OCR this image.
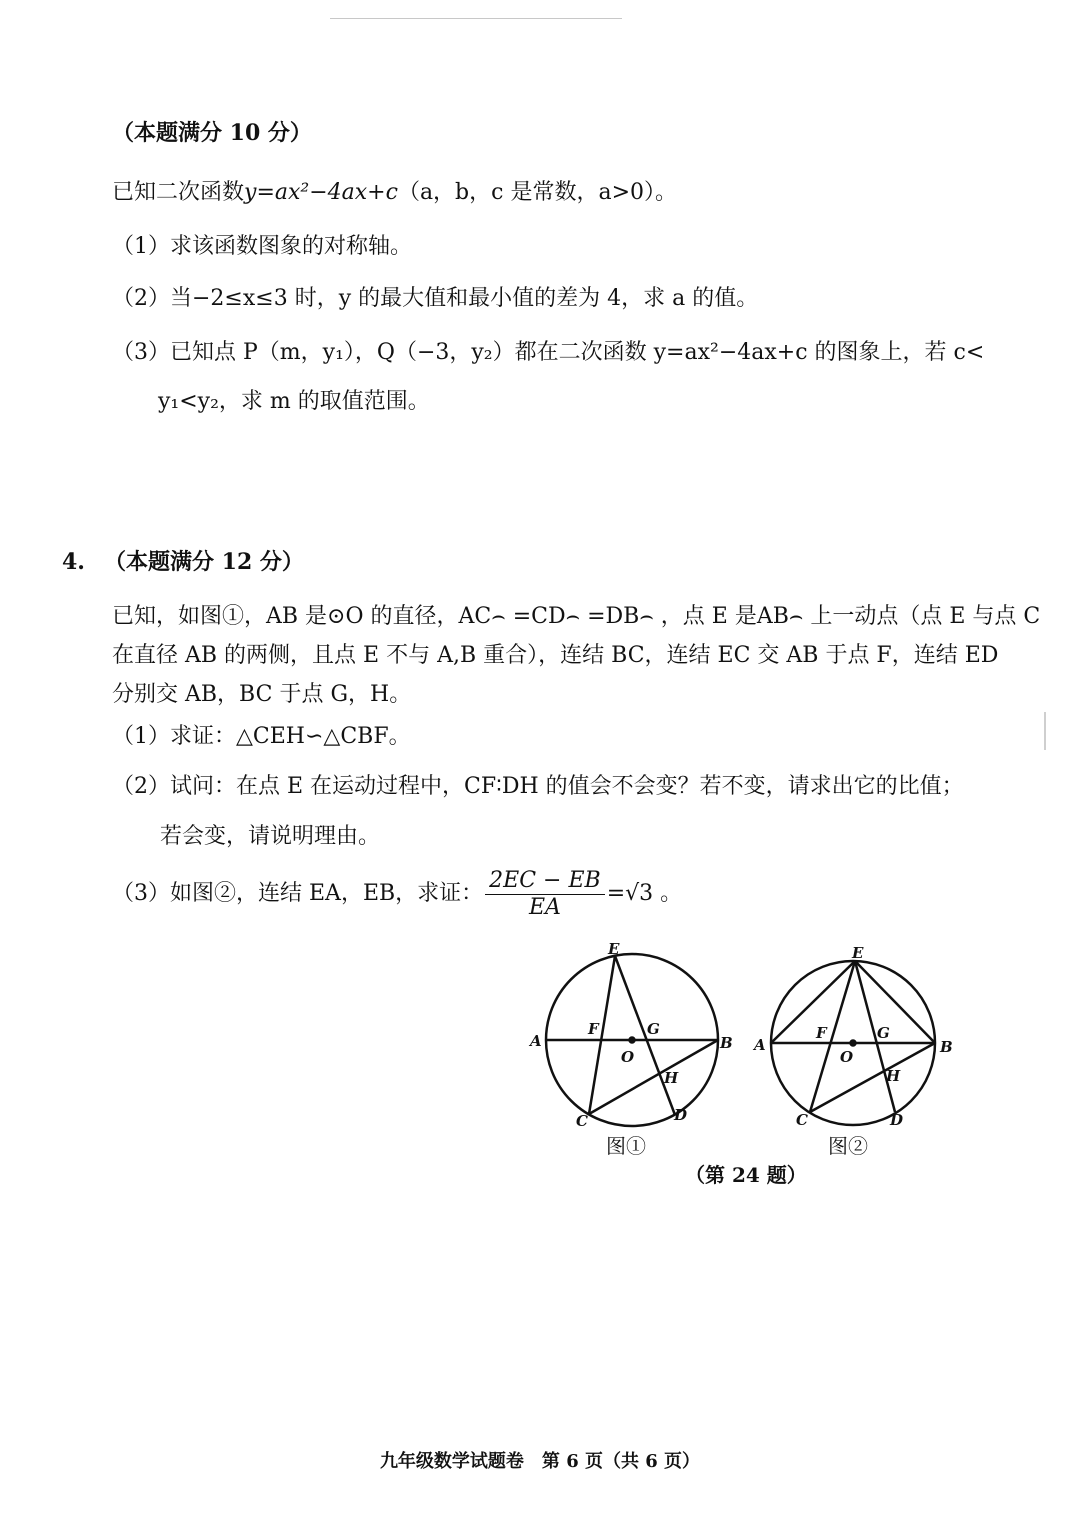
（本题满分 10 分）
已知二次函数y=ax²−4ax+c（a，b，c 是常数，a>0）。
（1）求该函数图象的对称轴。
（2）当−2≤x≤3 时，y 的最大值和最小值的差为 4，求 a 的值。
（3）已知点 P（m，y₁），Q（−3，y₂）都在二次函数 y=ax²−4ax+c 的图象上，若 c<
y₁<y₂，求 m 的取值范围。
4. （本题满分 12 分）
已知，如图①，AB 是⊙O 的直径，AC⌢ =CD⌢ =DB⌢ ，点 E 是AB⌢ 上一动点（点 E 与点 C
在直径 AB 的两侧，且点 E 不与 A,B 重合），连结 BC，连结 EC 交 AB 于点 F，连结 ED
分别交 AB，BC 于点 G，H。
（1）求证：△CEH∽△CBF。
（2）试问：在点 E 在运动过程中，CF∶DH 的值会不会变？若不变，请求出它的比值；
若会变，请说明理由。
（3）如图②，连结 EA，EB，求证： $\frac{2EC - EB}{EA} =√3$ 。
E
A	B
C	D
F	G
H
O
E
A	B
C	D
F	G
H
O
图①	图②
（第 24 题）
九年级数学试题卷　第 6 页（共 6 页）
